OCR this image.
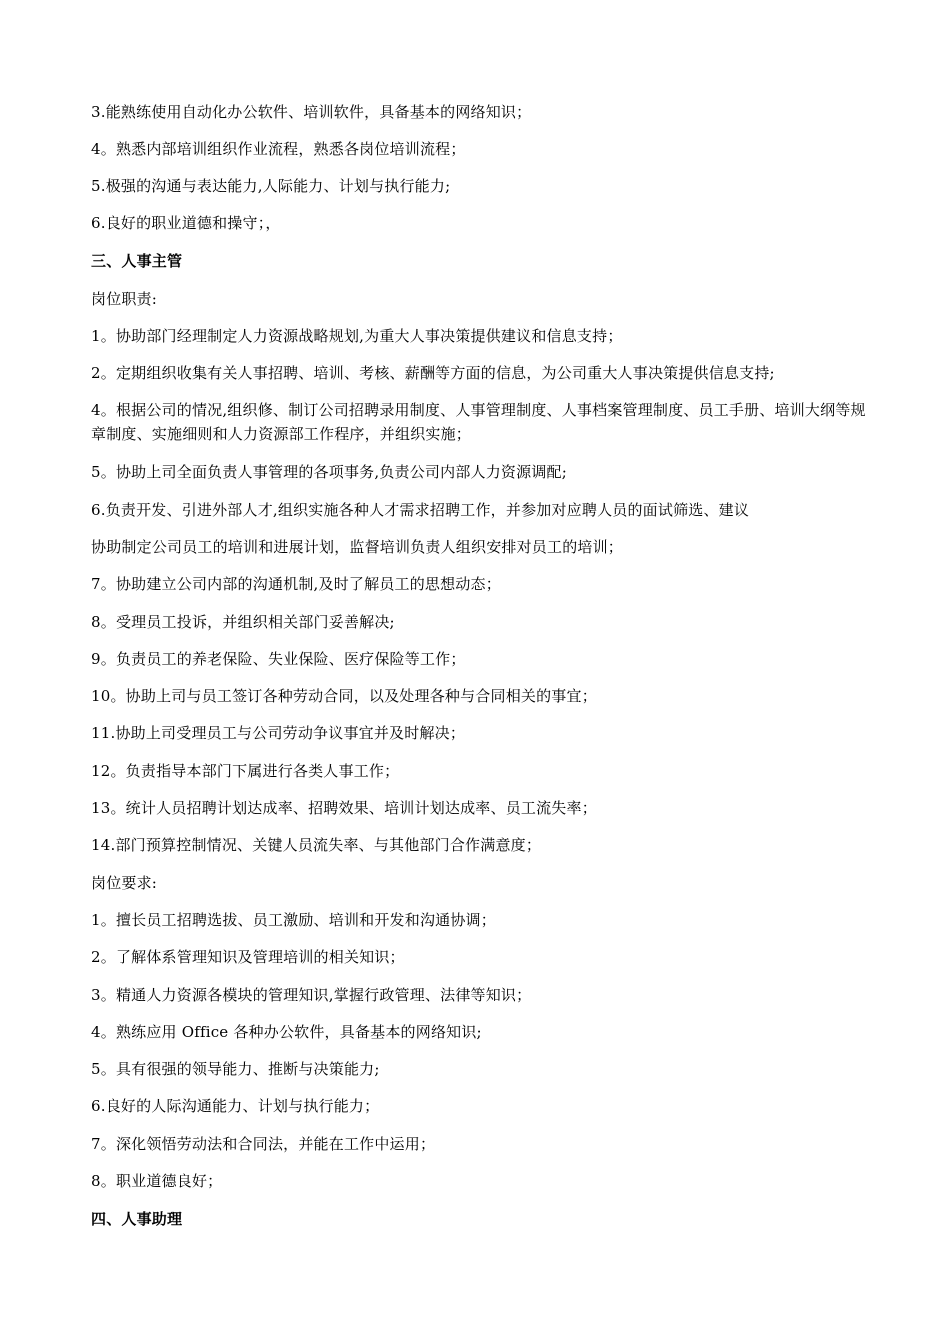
3.能熟练使用自动化办公软件、培训软件，具备基本的网络知识；
4。熟悉内部培训组织作业流程，熟悉各岗位培训流程；
5.极强的沟通与表达能力,人际能力、计划与执行能力;
6.良好的职业道德和操守；，
三、人事主管
岗位职责:
1。协助部门经理制定人力资源战略规划,为重大人事决策提供建议和信息支持；
2。定期组织收集有关人事招聘、培训、考核、薪酬等方面的信息，为公司重大人事决策提供信息支持;
4。根据公司的情况,组织修、制订公司招聘录用制度、人事管理制度、人事档案管理制度、员工手册、培训大纲等规章制度、实施细则和人力资源部工作程序，并组织实施；
5。协助上司全面负责人事管理的各项事务,负责公司内部人力资源调配;
6.负责开发、引进外部人才,组织实施各种人才需求招聘工作，并参加对应聘人员的面试筛选、建议
协助制定公司员工的培训和进展计划，监督培训负责人组织安排对员工的培训；
7。协助建立公司内部的沟通机制,及时了解员工的思想动态；
8。受理员工投诉，并组织相关部门妥善解决;
9。负责员工的养老保险、失业保险、医疗保险等工作；
10。协助上司与员工签订各种劳动合同，以及处理各种与合同相关的事宜；
11.协助上司受理员工与公司劳动争议事宜并及时解决；
12。负责指导本部门下属进行各类人事工作；
13。统计人员招聘计划达成率、招聘效果、培训计划达成率、员工流失率；
14.部门预算控制情况、关键人员流失率、与其他部门合作满意度；
岗位要求:
1。擅长员工招聘选拔、员工激励、培训和开发和沟通协调；
2。了解体系管理知识及管理培训的相关知识；
3。精通人力资源各模块的管理知识,掌握行政管理、法律等知识；
4。熟练应用 Office 各种办公软件，具备基本的网络知识;
5。具有很强的领导能力、推断与决策能力;
6.良好的人际沟通能力、计划与执行能力；
7。深化领悟劳动法和合同法，并能在工作中运用；
8。职业道德良好；
四、人事助理
